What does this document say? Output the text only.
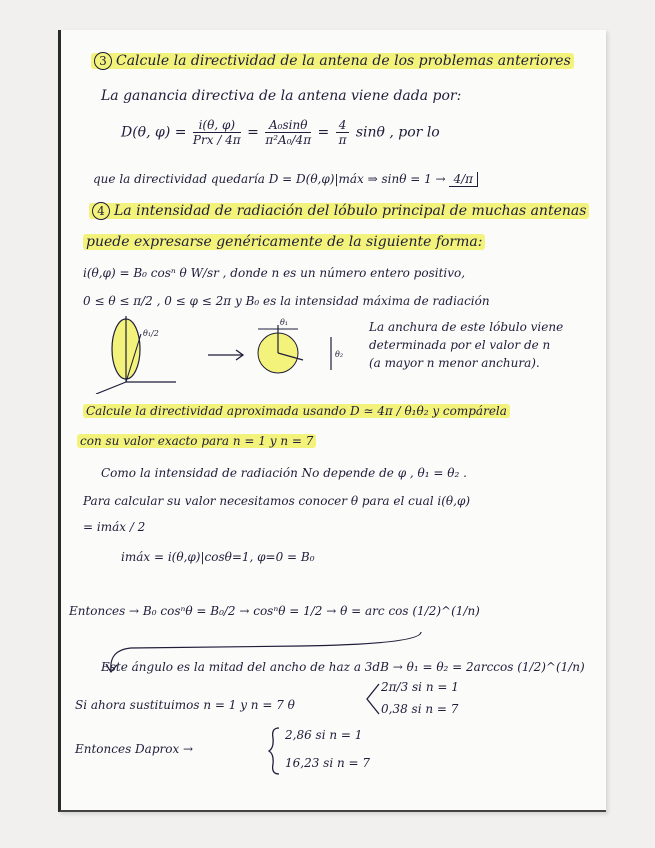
3 Calcule la directividad de la antena de los problemas anteriores
La ganancia directiva de la antena viene dada por:
D(θ, $\varphi) = \frac{i(\theta, \varphi)}{\text{Prx / 4π}} = \frac{\text{A₀sinθ}}{\text{π²A₀/4π}} = \frac{4}{\pi}$ sinθ , por lo
que la directividad quedaría D = D(θ,φ)|máx ⇒ sinθ = 1 → 4/π
4 La intensidad de radiación del lóbulo principal de muchas antenas
puede expresarse genéricamente de la siguiente forma:
i(θ,φ) = B₀ cosⁿ θ W/sr , donde n es un número entero positivo,
0 ≤ θ ≤ π/2 , 0 ≤ φ ≤ 2π y B₀ es la intensidad máxima de radiación
θ₁/2
θ₁
θ₂
La anchura de este lóbulo viene
determinada por el valor de n
(a mayor n menor anchura).
Calcule la directividad aproximada usando D ≃ 4π / θ₁θ₂ y compárela
con su valor exacto para n = 1 y n = 7
Como la intensidad de radiación No depende de φ , θ₁ = θ₂ .
Para calcular su valor necesitamos conocer θ para el cual i(θ,φ)
= imáx / 2
imáx = i(θ,φ)|cosθ=1, φ=0 = B₀
Entonces → B₀ cosⁿθ = B₀/2 → cosⁿθ = 1/2 → θ = arc cos (1/2)^(1/n)
Este ángulo es la mitad del ancho de haz a 3dB → θ₁ = θ₂ = 2arccos (1/2)^(1/n)
Si ahora sustituimos n = 1 y n = 7 θ
2π/3 si n = 1
0,38 si n = 7
Entonces Daprox →
2,86 si n = 1
16,23 si n = 7
